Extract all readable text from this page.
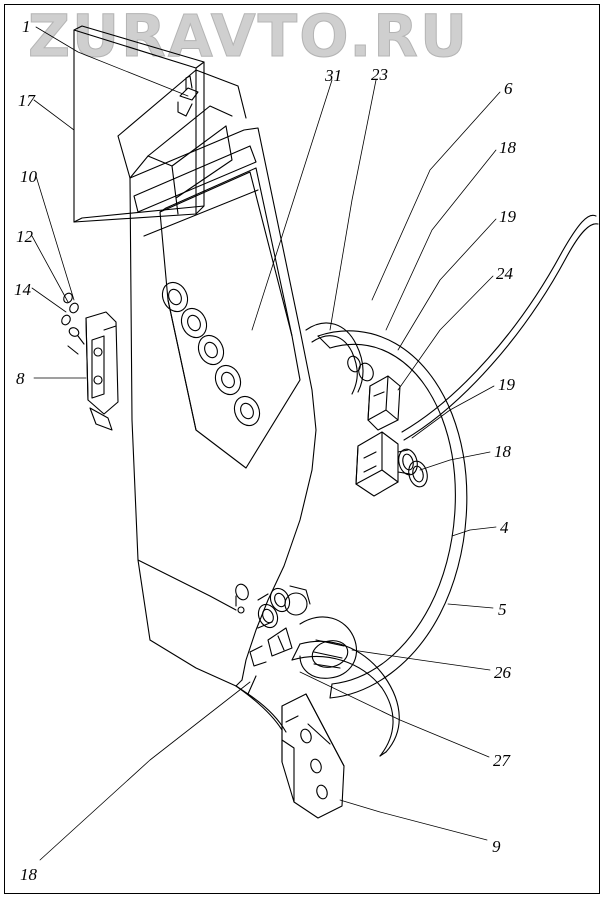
ZURAVTO.RU
1
17
10
12
14
8
31 23
6
18
19
24
19
18
4
5
26
27
9
18
